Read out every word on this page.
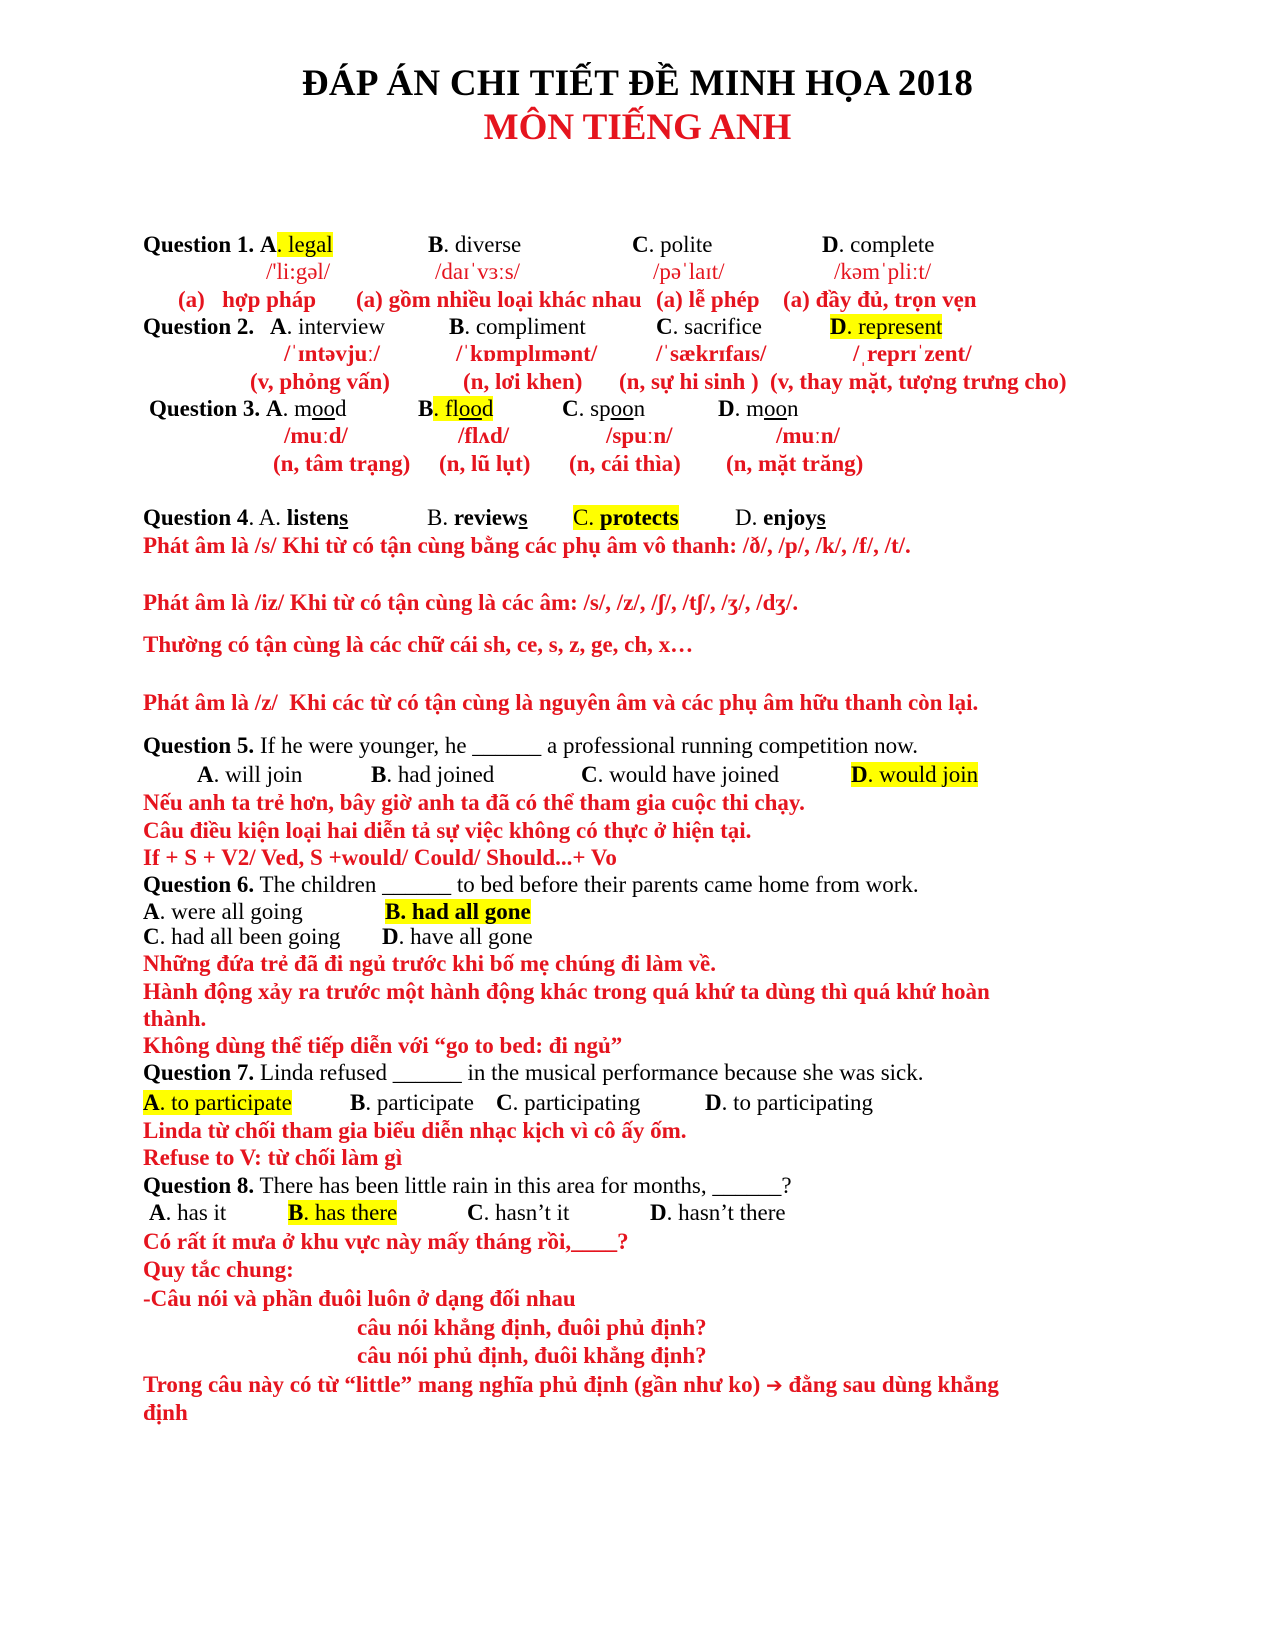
ĐÁP ÁN CHI TIẾT ĐỀ MINH HỌA 2018
MÔN TIẾNG ANH
Question 1. A. legal	B. diverse	C. polite	D. complete
/'li:gəl/	/daɪˈvɜːs/	/pəˈlaɪt/	/kəmˈpliːt/
(a)   hợp pháp (a) gồm nhiều loại khác nhau (a) lễ phép (a) đầy đủ, trọn vẹn
Question 2. A. interview	B. compliment	C. sacrifice	D. represent
/ˈɪntəvjuː/	/ˈkɒmplɪmənt/	/ˈsækrɪfaɪs/	/ˌreprɪˈzent/
(v, phỏng vấn)	(n, lơi khen) (n, sự hi sinh ) (v, thay mặt, tượng trưng cho)
Question 3. A. mood	B. flood	C. spoon	D. moon
/muːd/	/flʌd/	/spuːn/	/muːn/
(n, tâm trạng) (n, lũ lụt) (n, cái thìa) (n, mặt trăng)
Question 4. A. listens	B. reviews C. protects D. enjoys
Phát âm là /s/ Khi từ có tận cùng bằng các phụ âm vô thanh: /ð/, /p/, /k/, /f/, /t/.
Phát âm là /iz/ Khi từ có tận cùng là các âm: /s/, /z/, /ʃ/, /tʃ/, /ʒ/, /dʒ/.
Thường có tận cùng là các chữ cái sh, ce, s, z, ge, ch, x…
Phát âm là /z/  Khi các từ có tận cùng là nguyên âm và các phụ âm hữu thanh còn lại.
Question 5. If he were younger, he ______ a professional running competition now.
A. will join	B. had joined	C. would have joined	D. would join
Nếu anh ta trẻ hơn, bây giờ anh ta đã có thể tham gia cuộc thi chạy.
Câu điều kiện loại hai diễn tả sự việc không có thực ở hiện tại.
If + S + V2/ Ved, S +would/ Could/ Should...+ Vo
Question 6. The children ______ to bed before their parents came home from work.
A. were all going	B. had all gone
C. had all been going D. have all gone
Những đứa trẻ đã đi ngủ trước khi bố mẹ chúng đi làm về.
Hành động xảy ra trước một hành động khác trong quá khứ ta dùng thì quá khứ hoàn
thành.
Không dùng thể tiếp diễn với “go to bed: đi ngủ”
Question 7. Linda refused ______ in the musical performance because she was sick.
A. to participate	B. participate C. participating	D. to participating
Linda từ chối tham gia biểu diễn nhạc kịch vì cô ấy ốm.
Refuse to V: từ chối làm gì
Question 8. There has been little rain in this area for months, ______?
A. has it	B. has there	C. hasn’t it	D. hasn’t there
Có rất ít mưa ở khu vực này mấy tháng rồi,____?
Quy tắc chung:
-Câu nói và phần đuôi luôn ở dạng đối nhau
câu nói khẳng định, đuôi phủ định?
câu nói phủ định, đuôi khẳng định?
Trong câu này có từ “little” mang nghĩa phủ định (gần như ko) ➔ đằng sau dùng khẳng
định
